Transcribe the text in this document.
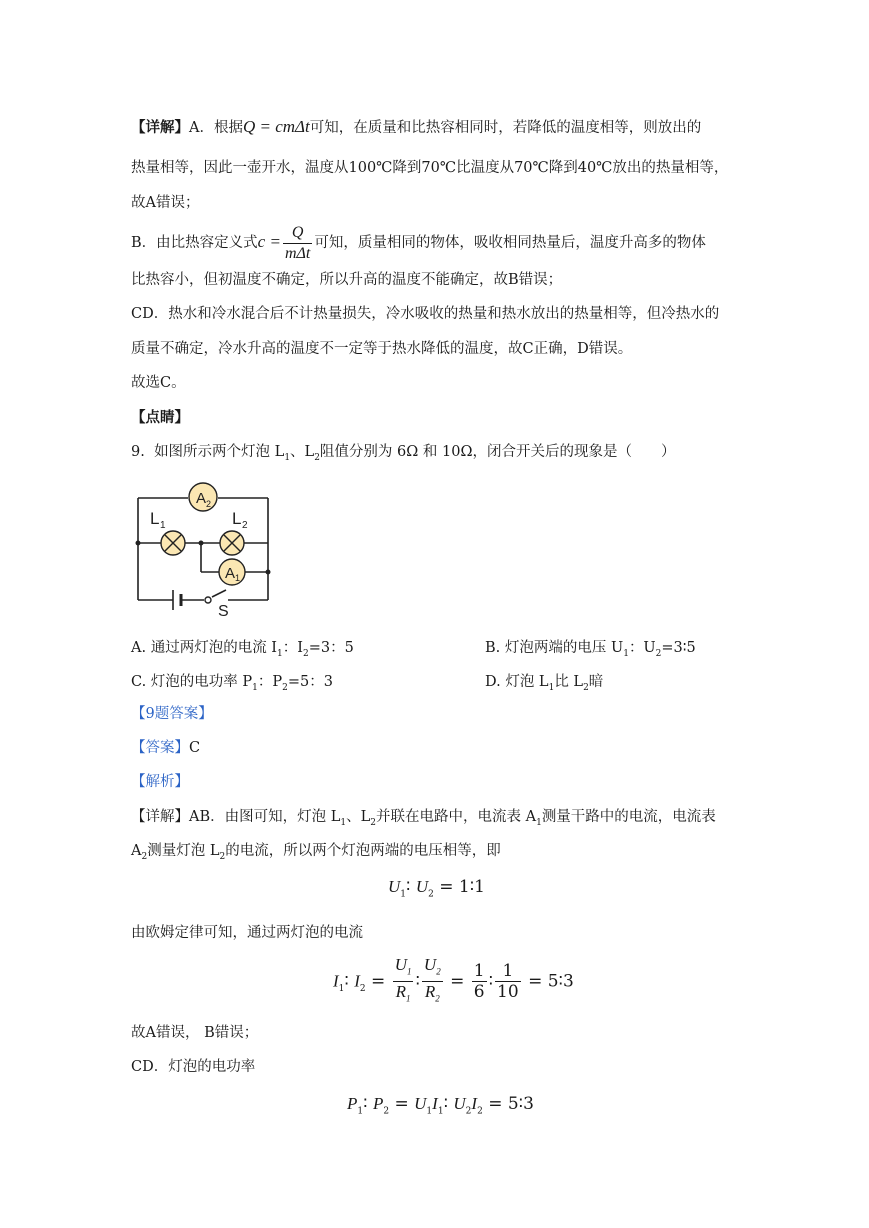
【详解】A．根据Q = cmΔt可知，在质量和比热容相同时，若降低的温度相等，则放出的
热量相等，因此一壶开水，温度从100℃降到70℃比温度从70℃降到40℃放出的热量相等，
故A错误；
B．由比热容定义式$c = \frac{Q}{\text{mΔt}}$ 可知，质量相同的物体，吸收相同热量后，温度升高多的物体
比热容小，但初温度不确定，所以升高的温度不能确定，故B错误；
CD．热水和冷水混合后不计热量损失，冷水吸收的热量和热水放出的热量相等，但冷热水的
质量不确定，冷水升高的温度不一定等于热水降低的温度，故C正确，D错误。
故选C。
【点睛】
9. 如图所示两个灯泡 $L_1$、$L_2$阻值分别为 6Ω 和 10Ω，闭合开关后的现象是（　　）
A 2
A 1
L 1	L 2
S
A. 通过两灯泡的电流 $I_1$：$I_2=3$：5	B. 灯泡两端的电压 $U_1$：$U_2=3∶5$
C. 灯泡的电功率 $P_1$：$P_2=5$：3	D. 灯泡 $L_1$比 $L_2$暗
【9题答案】
【答案】C
【解析】
【详解】AB．由图可知，灯泡 $L_1$、$L_2$并联在电路中，电流表 $A_1$测量干路中的电流，电流表
$A_2$测量灯泡 $L_2$的电流，所以两个灯泡两端的电压相等，即
$U_1∶$ $U_2$ = 1∶1
由欧姆定律可知，通过两灯泡的电流
$I_1∶$ $I_2 = \frac{U_1}{R_1}$ ∶ $\frac{U_2}{R_2} = \frac{1}{6}$ ∶ $\frac{1}{10}$ = 5∶3
故A错误， B错误；
CD．灯泡的电功率
$P_1∶$ $P_2$ = $U_1I_1∶$ $U_2I_2$ = 5∶3
